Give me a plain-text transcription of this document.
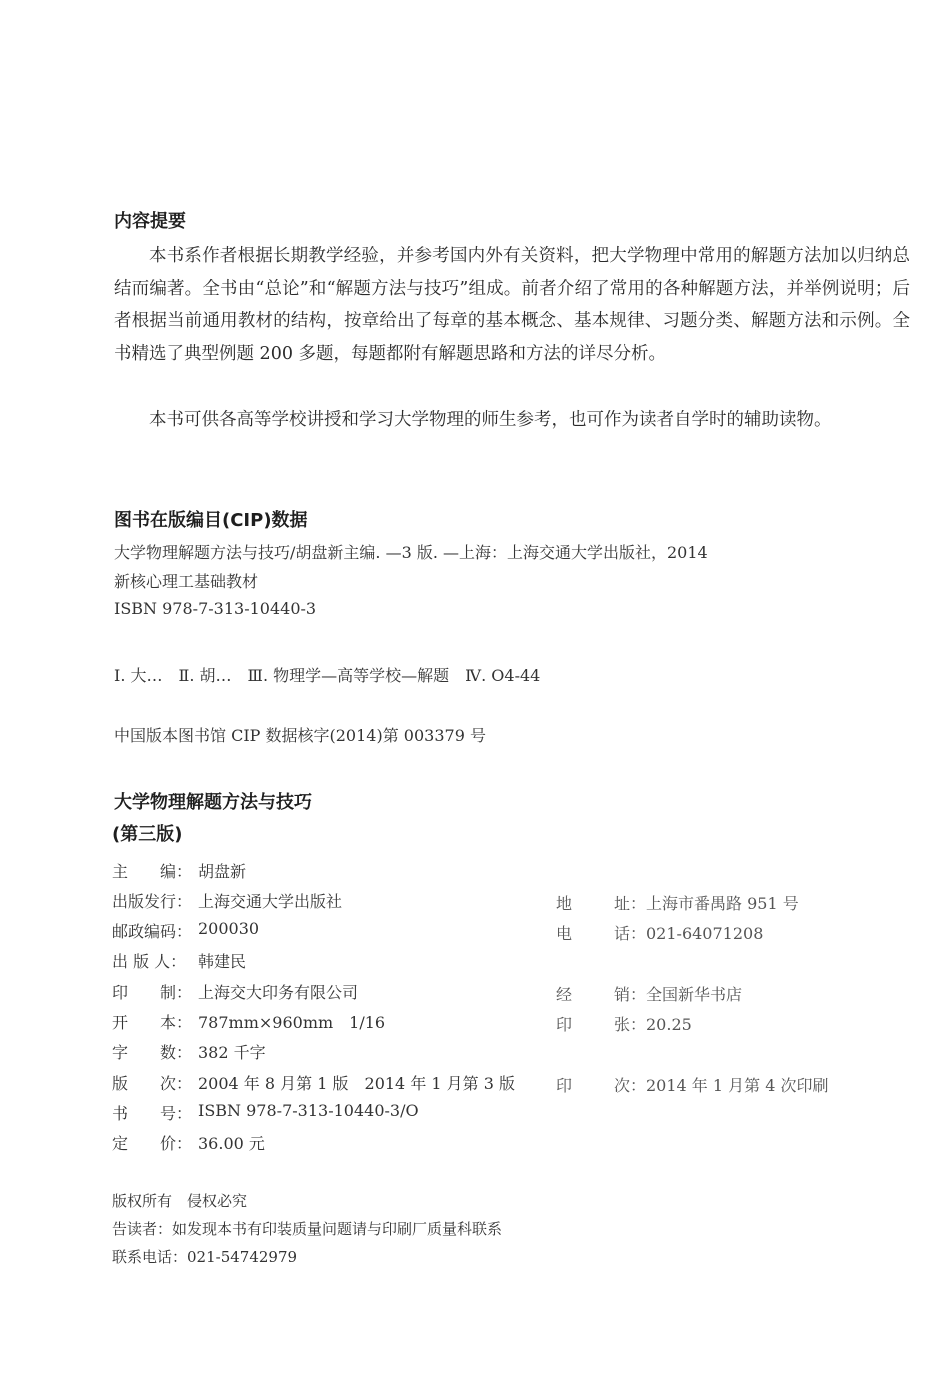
内容提要
本书系作者根据长期教学经验，并参考国内外有关资料，把大学物理中常用的解题方法加以归纳总结而编著。全书由“总论”和“解题方法与技巧”组成。前者介绍了常用的各种解题方法，并举例说明；后者根据当前通用教材的结构，按章给出了每章的基本概念、基本规律、习题分类、解题方法和示例。全书精选了典型例题 200 多题，每题都附有解题思路和方法的详尽分析。
本书可供各高等学校讲授和学习大学物理的师生参考，也可作为读者自学时的辅助读物。
图书在版编目(CIP)数据
大学物理解题方法与技巧/胡盘新主编. —3 版. —上海：上海交通大学出版社，2014
新核心理工基础教材
ISBN 978-7-313-10440-3
Ⅰ. 大…　Ⅱ. 胡…　Ⅲ. 物理学—高等学校—解题　Ⅳ. O4-44
中国版本图书馆 CIP 数据核字(2014)第 003379 号
大学物理解题方法与技巧
(第三版)
主　　编： 胡盘新
出版发行： 上海交通大学出版社
邮政编码： 200030
出 版 人： 韩建民
印　　制： 上海交大印务有限公司
开　　本： 787mm×960mm　1/16
字　　数： 382 千字
版　　次： 2004 年 8 月第 1 版　2014 年 1 月第 3 版
书　　号： ISBN 978-7-313-10440-3/O
定　　价： 36.00 元
地	址：上海市番禺路 951 号
电	话：021-64071208
经	销：全国新华书店
印	张：20.25
印	次：2014 年 1 月第 4 次印刷
版权所有　侵权必究
告读者：如发现本书有印装质量问题请与印刷厂质量科联系
联系电话：021-54742979
